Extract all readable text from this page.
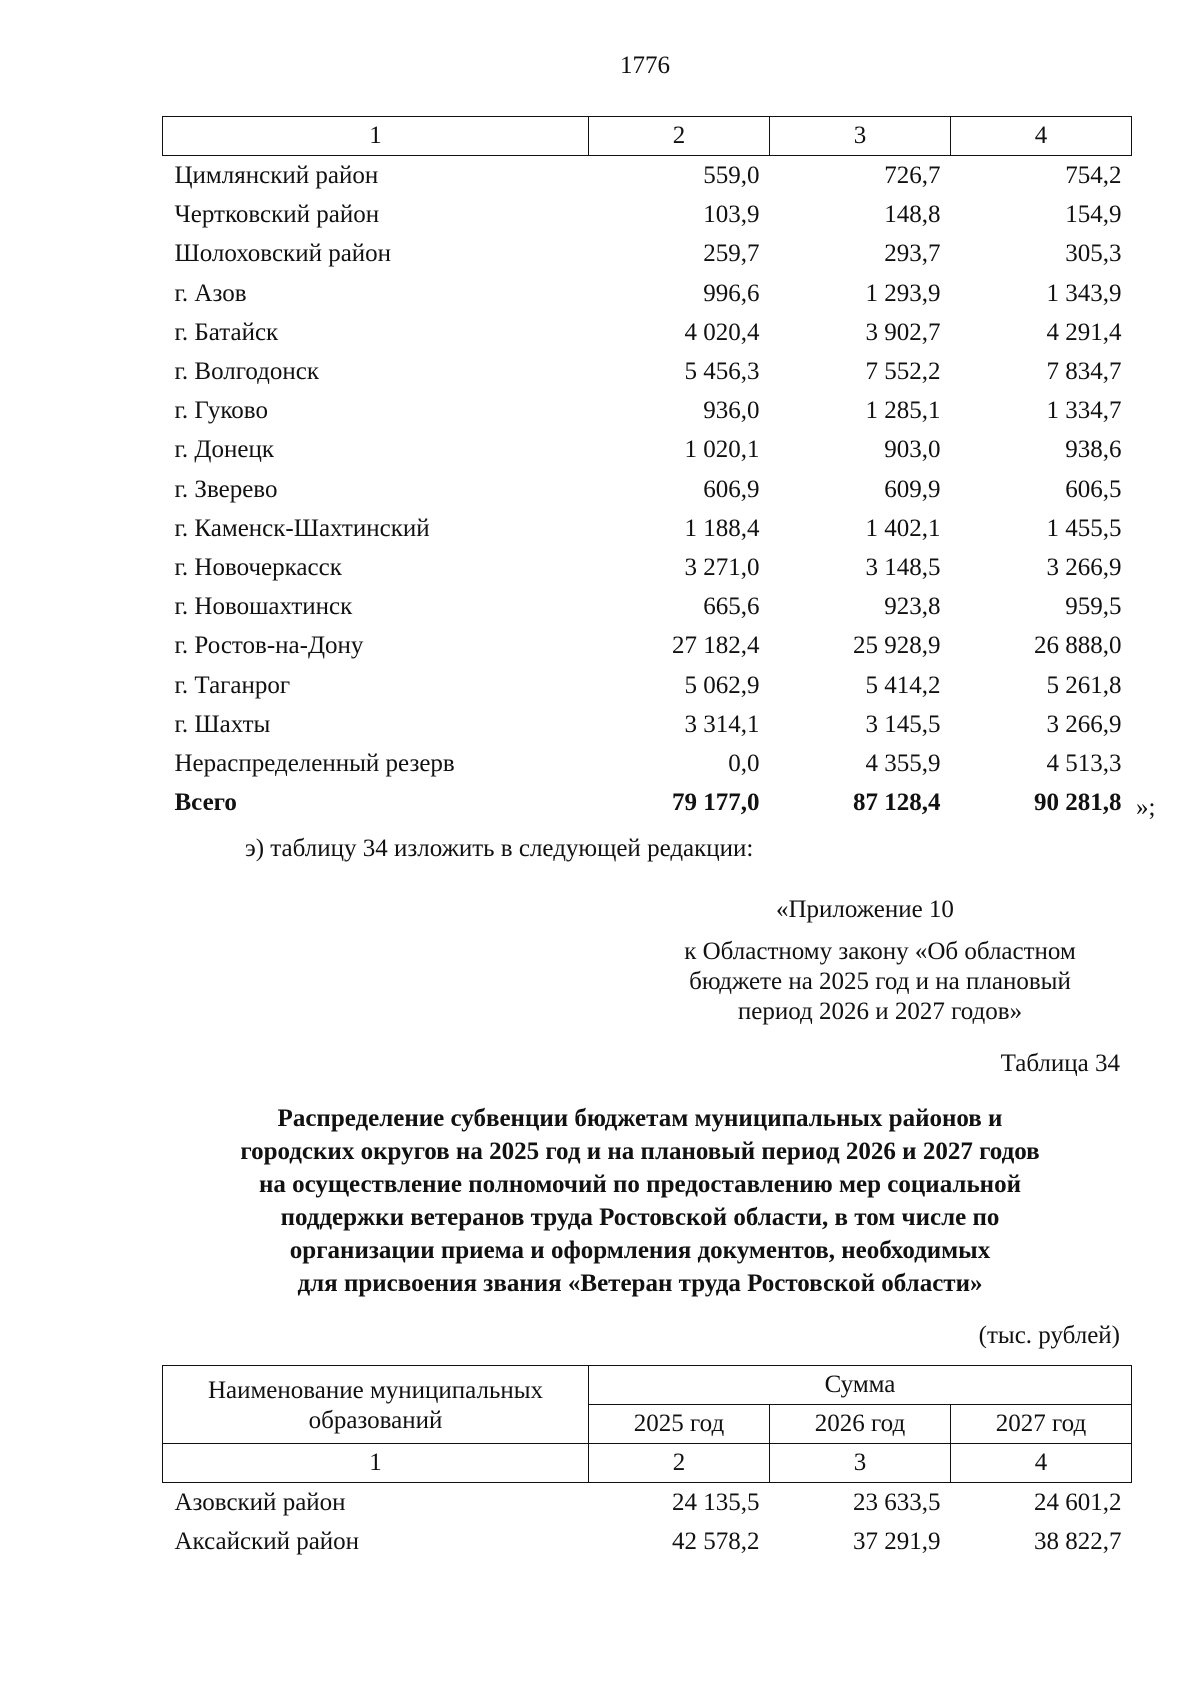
1776
1	2	3	4
Цимлянский район	559,0	726,7	754,2
Чертковский район	103,9	148,8	154,9
Шолоховский район	259,7	293,7	305,3
г. Азов	996,6	1 293,9	1 343,9
г. Батайск	4 020,4	3 902,7	4 291,4
г. Волгодонск	5 456,3	7 552,2	7 834,7
г. Гуково	936,0	1 285,1	1 334,7
г. Донецк	1 020,1	903,0	938,6
г. Зверево	606,9	609,9	606,5
г. Каменск-Шахтинский	1 188,4	1 402,1	1 455,5
г. Новочеркасск	3 271,0	3 148,5	3 266,9
г. Новошахтинск	665,6	923,8	959,5
г. Ростов-на-Дону	27 182,4	25 928,9	26 888,0
г. Таганрог	5 062,9	5 414,2	5 261,8
г. Шахты	3 314,1	3 145,5	3 266,9
Нераспределенный резерв	0,0	4 355,9	4 513,3
Всего	79 177,0	87 128,4	90 281,8 »;
э) таблицу 34 изложить в следующей редакции:
«Приложение 10
к Областному закону «Об областном
бюджете на 2025 год и на плановый
период 2026 и 2027 годов»
Таблица 34
Распределение субвенции бюджетам муниципальных районов и
городских округов на 2025 год и на плановый период 2026 и 2027 годов
на осуществление полномочий по предоставлению мер социальной
поддержки ветеранов труда Ростовской области, в том числе по
организации приема и оформления документов, необходимых
для присвоения звания «Ветеран труда Ростовской области»
(тыс. рублей)
Наименование муниципальных образований	Сумма		
	2025 год	2026 год	2027 год
1	2	3	4
Азовский район	24 135,5	23 633,5	24 601,2
Аксайский район	42 578,2	37 291,9	38 822,7
